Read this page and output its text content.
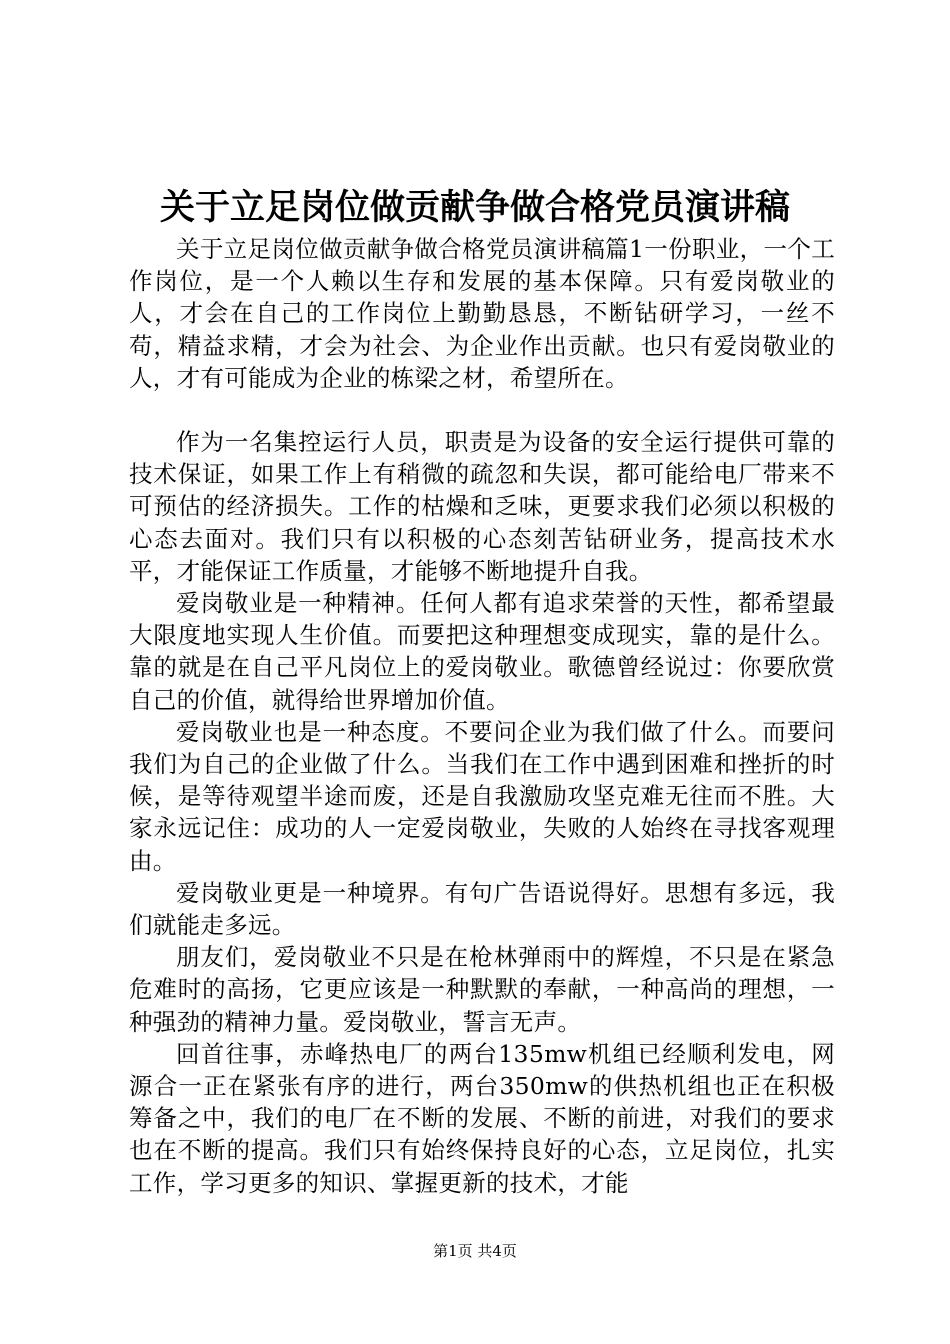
关于立足岗位做贡献争做合格党员演讲稿

关于立足岗位做贡献争做合格党员演讲稿篇1一份职业，一个工作岗位，是一个人赖以生存和发展的基本保障。只有爱岗敬业的人，才会在自己的工作岗位上勤勤恳恳，不断钻研学习，一丝不苟，精益求精，才会为社会、为企业作出贡献。也只有爱岗敬业的人，才有可能成为企业的栋梁之材，希望所在。

作为一名集控运行人员，职责是为设备的安全运行提供可靠的技术保证，如果工作上有稍微的疏忽和失误，都可能给电厂带来不可预估的经济损失。工作的枯燥和乏味，更要求我们必须以积极的心态去面对。我们只有以积极的心态刻苦钻研业务，提高技术水平，才能保证工作质量，才能够不断地提升自我。

爱岗敬业是一种精神。任何人都有追求荣誉的天性，都希望最大限度地实现人生价值。而要把这种理想变成现实，靠的是什么。靠的就是在自己平凡岗位上的爱岗敬业。歌德曾经说过：你要欣赏自己的价值，就得给世界增加价值。

爱岗敬业也是一种态度。不要问企业为我们做了什么。而要问我们为自己的企业做了什么。当我们在工作中遇到困难和挫折的时候，是等待观望半途而废，还是自我激励攻坚克难无往而不胜。大家永远记住：成功的人一定爱岗敬业，失败的人始终在寻找客观理由。

爱岗敬业更是一种境界。有句广告语说得好。思想有多远，我们就能走多远。

朋友们，爱岗敬业不只是在枪林弹雨中的辉煌，不只是在紧急危难时的高扬，它更应该是一种默默的奉献，一种高尚的理想，一种强劲的精神力量。爱岗敬业，誓言无声。

回首往事，赤峰热电厂的两台135mw机组已经顺利发电，网源合一正在紧张有序的进行，两台350mw的供热机组也正在积极筹备之中，我们的电厂在不断的发展、不断的前进，对我们的要求也在不断的提高。我们只有始终保持良好的心态，立足岗位，扎实工作，学习更多的知识、掌握更新的技术，才能

第1页 共4页
